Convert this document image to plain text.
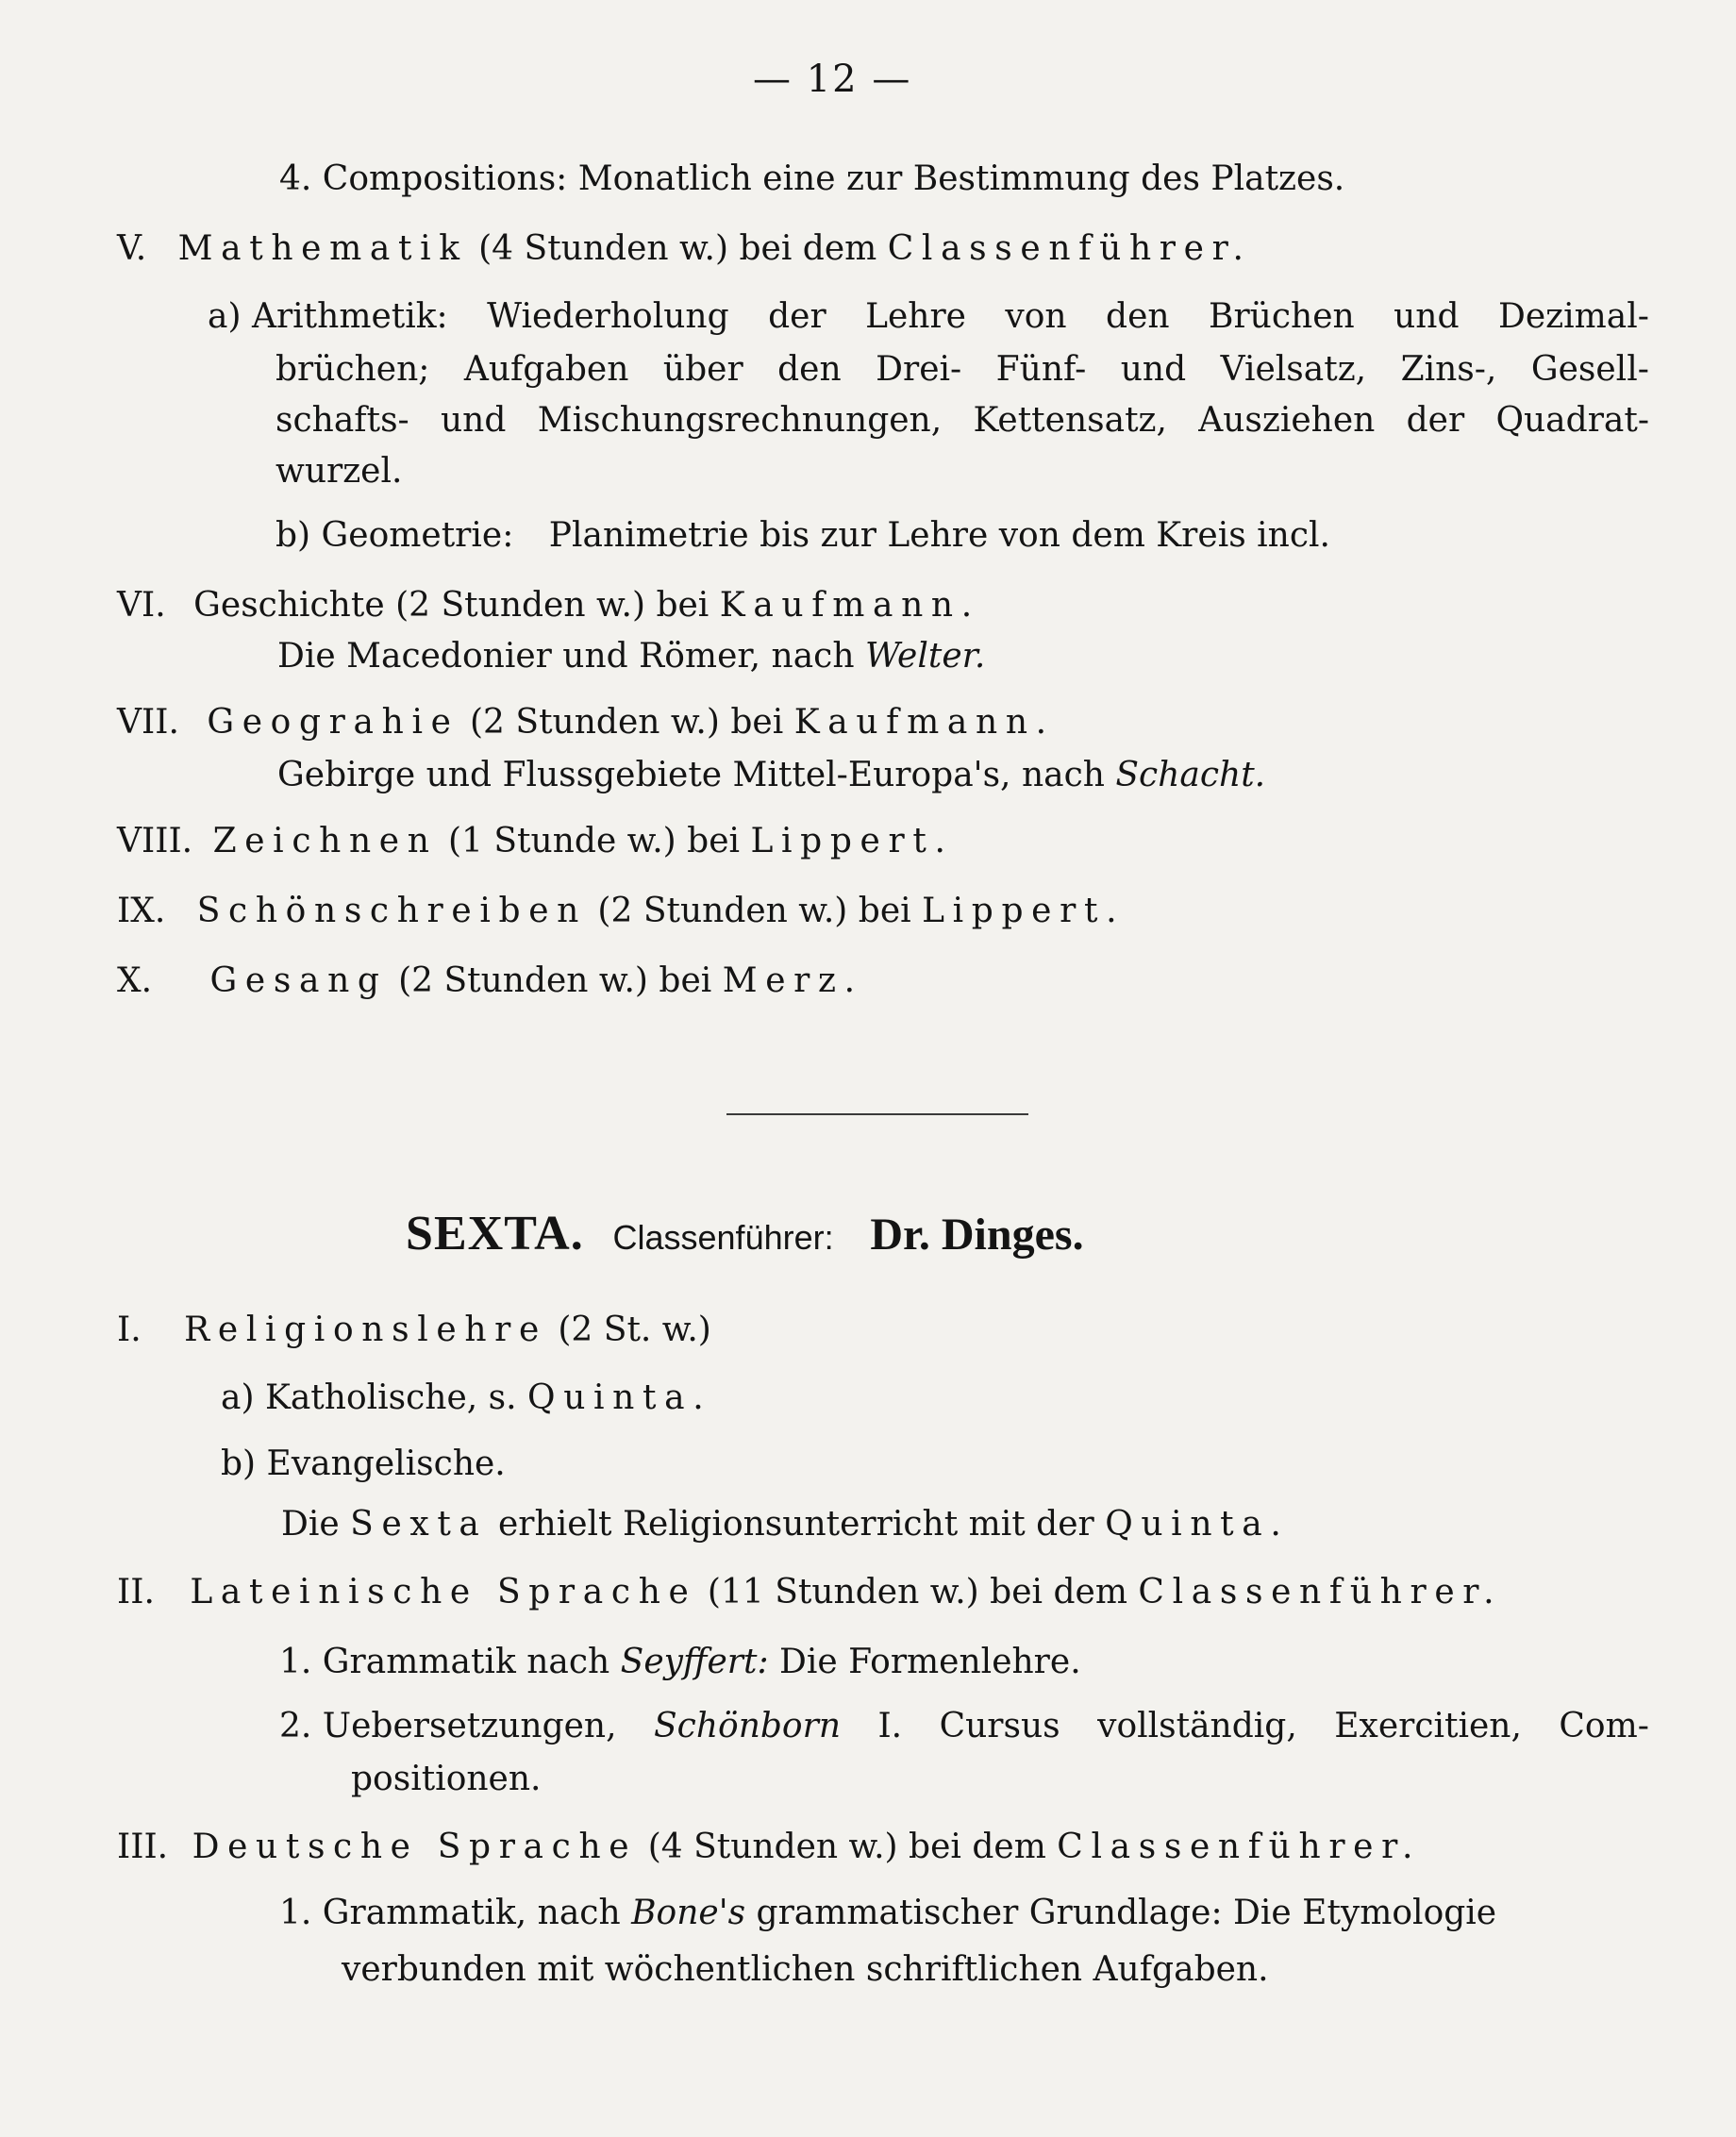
— 12 —
4. Compositions: Monatlich eine zur Bestimmung des Platzes.
V. Mathematik (4 Stunden w.) bei dem Classenführer.
a) Arithmetik: Wiederholung der Lehre von den Brüchen und Dezimal-
brüchen; Aufgaben über den Drei- Fünf- und Vielsatz, Zins-, Gesell-
schafts- und Mischungsrechnungen, Kettensatz, Ausziehen der Quadrat-
wurzel.
b) Geometrie: Planimetrie bis zur Lehre von dem Kreis incl.
VI. Geschichte (2 Stunden w.) bei Kaufmann.
Die Macedonier und Römer, nach Welter.
VII. Geograhie (2 Stunden w.) bei Kaufmann.
Gebirge und Flussgebiete Mittel-Europa's, nach Schacht.
VIII. Zeichnen (1 Stunde w.) bei Lippert.
IX. Schönschreiben (2 Stunden w.) bei Lippert.
X. Gesang (2 Stunden w.) bei Merz.
SEXTA. Classenführer: Dr. Dinges.
I. Religionslehre (2 St. w.)
a) Katholische, s. Quinta.
b) Evangelische.
Die Sexta erhielt Religionsunterricht mit der Quinta.
II. Lateinische Sprache (11 Stunden w.) bei dem Classenführer.
1. Grammatik nach Seyffert: Die Formenlehre.
2. Uebersetzungen, Schönborn I. Cursus vollständig, Exercitien, Com-
positionen.
III. Deutsche Sprache (4 Stunden w.) bei dem Classenführer.
1. Grammatik, nach Bone's grammatischer Grundlage: Die Etymologie
verbunden mit wöchentlichen schriftlichen Aufgaben.
